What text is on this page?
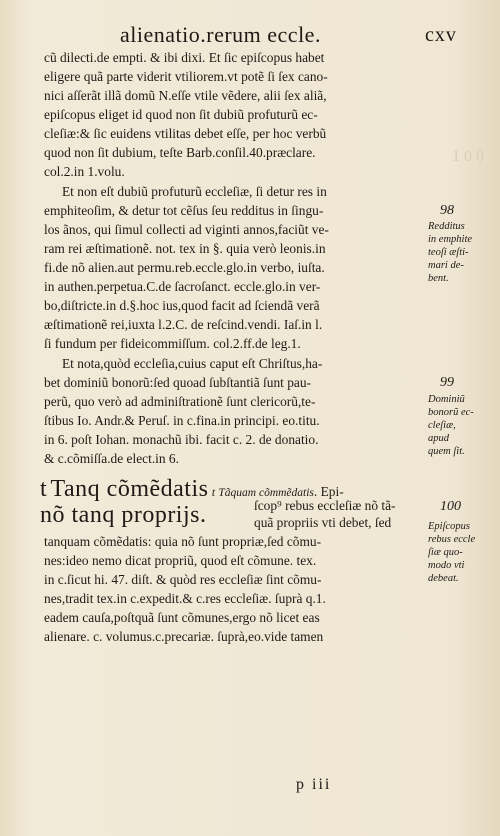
alienatio.rerum eccle.	cxv
cũ dilecti.de empti. & ibi dixi. Et ſic epiſcopus habet
eligere quã parte viderit vtiliorem.vt potẽ ſi ſex cano-
nici aſſerãt illã domũ N.eſſe vtile vẽdere, alii ſex aliã,
epiſcopus eliget id quod non ſit dubiũ profuturũ ec-
cleſiæ:& ſic euidens vtilitas debet eſſe, per hoc verbũ
quod non ſit dubium, teſte Barb.conſil.40.præclare.
col.2.in 1.volu.
Et non eſt dubiũ profuturũ eccleſiæ, ſi detur res in
emphiteoſim, & detur tot cẽſus ſeu redditus in ſingu-
los ãnos, qui ſimul collecti ad viginti annos,faciũt ve-
ram rei æſtimationẽ. not. tex in §. quia verò leonis.in
fi.de nõ alien.aut permu.reb.eccle.glo.in verbo, iuſta.
in authen.perpetua.C.de ſacroſanct. eccle.glo.in ver-
bo,diſtricte.in d.§.hoc ius,quod facit ad ſciendã verã
æſtimationẽ rei,iuxta l.2.C. de reſcind.vendi. Iaſ.in l.
ſi fundum per fideicommiſſum. col.2.ff.de leg.1.
Et nota,quòd eccleſia,cuius caput eſt Chriſtus,ha-
bet dominiũ bonorũ:ſed quoad ſubſtantiã ſunt pau-
perũ, quo verò ad adminiſtrationẽ ſunt clericorũ,te-
ſtibus Io. Andr.& Peruſ. in c.fina.in principi. eo.titu.
in 6. poſt Iohan. monachũ ibi. facit c. 2. de donatio.
& c.cõmiſſa.de elect.in 6.
t Tanq cõmẽdatis t Tãquam cõmmẽdatis. Epi-
nõ tanq proprijs.	ſcop⁹ rebus eccleſiæ nõ tã-
quã propriis vti debet, ſed
tanquam cõmẽdatis: quia nõ ſunt propriæ,ſed cõmu-
nes:ideo nemo dicat propriũ, quod eſt cõmune. tex.
in c.ſicut hi. 47. diſt. & quòd res eccleſiæ ſint cõmu-
nes,tradit tex.in c.expedit.& c.res eccleſiæ. ſuprà q.1.
eadem cauſa,poſtquã ſunt cõmunes,ergo nõ licet eas
alienare. c. volumus.c.precariæ. ſuprà,eo.vide tamen
p iii
1 0 0
98
Redditus
in emphite
teoſi æſti-
mari de-
bent.
99
Dominiũ
bonorũ ec-
cleſiæ,
apud
quem ſit.
100
Epiſcopus
rebus eccle
ſiæ quo-
modo vti
debeat.
